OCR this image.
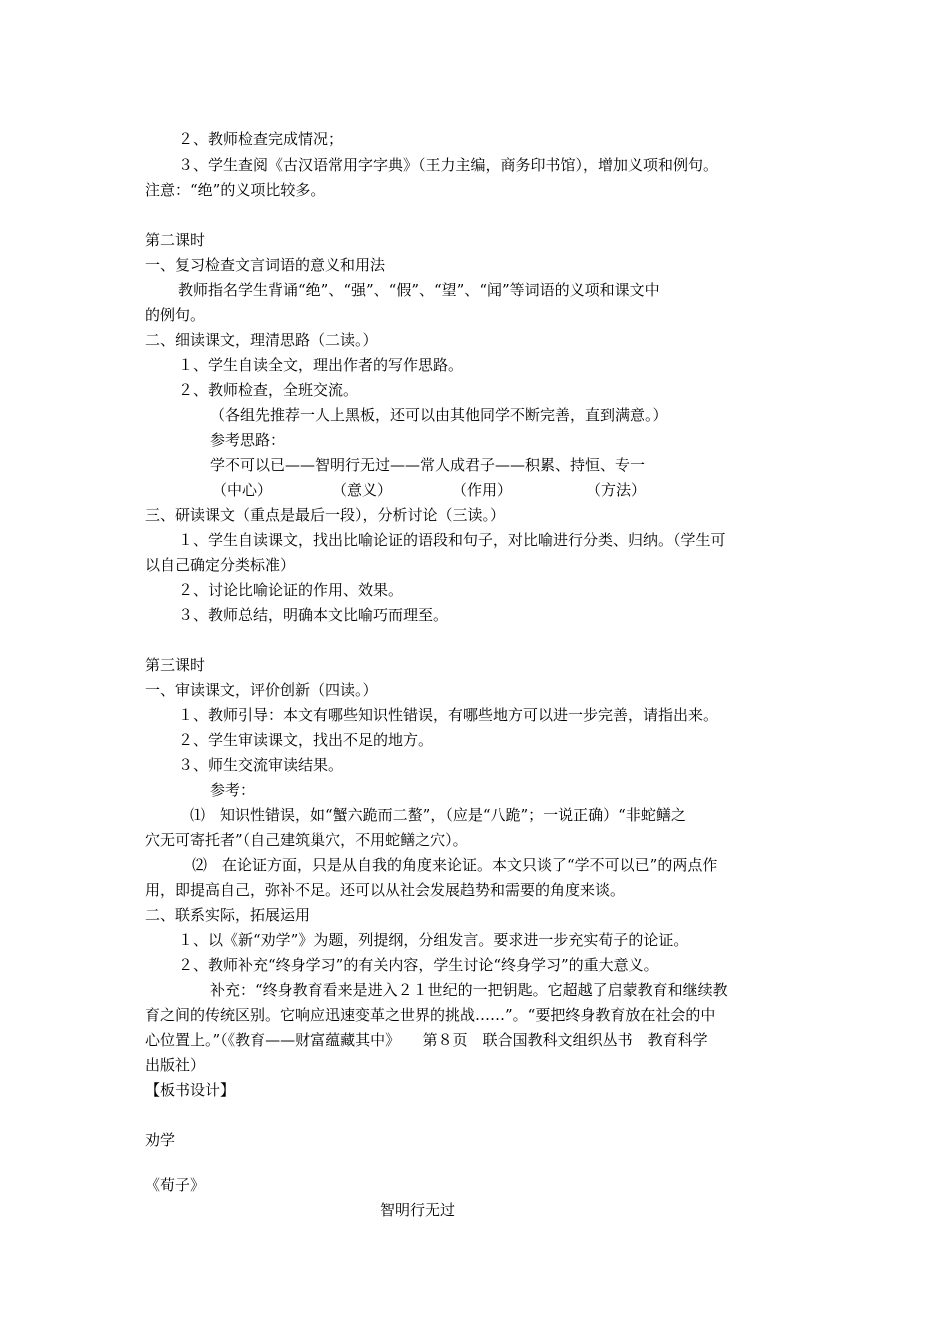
２、教师检查完成情况；
３、学生查阅《古汉语常用字字典》（王力主编，商务印书馆），增加义项和例句。
注意：“绝”的义项比较多。
第二课时
一、复习检查文言词语的意义和用法
教师指名学生背诵“绝”、“强”、“假”、“望”、“闻”等词语的义项和课文中
的例句。
二、细读课文，理清思路（二读。）
１、学生自读全文，理出作者的写作思路。
２、教师检查，全班交流。
（各组先推荐一人上黑板，还可以由其他同学不断完善，直到满意。）
参考思路：
学不可以已——智明行无过——常人成君子——积累、持恒、专一
（中心）	（意义）	（作用）	（方法）
三、研读课文（重点是最后一段），分析讨论（三读。）
１、学生自读课文，找出比喻论证的语段和句子，对比喻进行分类、归纳。（学生可
以自己确定分类标准）
２、讨论比喻论证的作用、效果。
３、教师总结，明确本文比喻巧而理至。
第三课时
一、审读课文，评价创新（四读。）
１、教师引导：本文有哪些知识性错误，有哪些地方可以进一步完善，请指出来。
２、学生审读课文，找出不足的地方。
３、师生交流审读结果。
参考：
⑴　知识性错误，如“蟹六跪而二螯”，（应是“八跪”；一说正确）“非蛇鳝之
穴无可寄托者”（自己建筑巢穴，不用蛇鳝之穴）。
⑵　在论证方面，只是从自我的角度来论证。本文只谈了“学不可以已”的两点作
用，即提高自己，弥补不足。还可以从社会发展趋势和需要的角度来谈。
二、联系实际，拓展运用
１、以《新“劝学”》为题，列提纲，分组发言。要求进一步充实荀子的论证。
２、教师补充“终身学习”的有关内容，学生讨论“终身学习”的重大意义。
补充：“终身教育看来是进入２１世纪的一把钥匙。它超越了启蒙教育和继续教
育之间的传统区别。它响应迅速变革之世界的挑战……”。“要把终身教育放在社会的中
心位置上。”（《教育——财富蕴藏其中》　　第８页　联合国教科文组织丛书　教育科学
出版社）
【板书设计】
劝学
《荀子》
智明行无过
